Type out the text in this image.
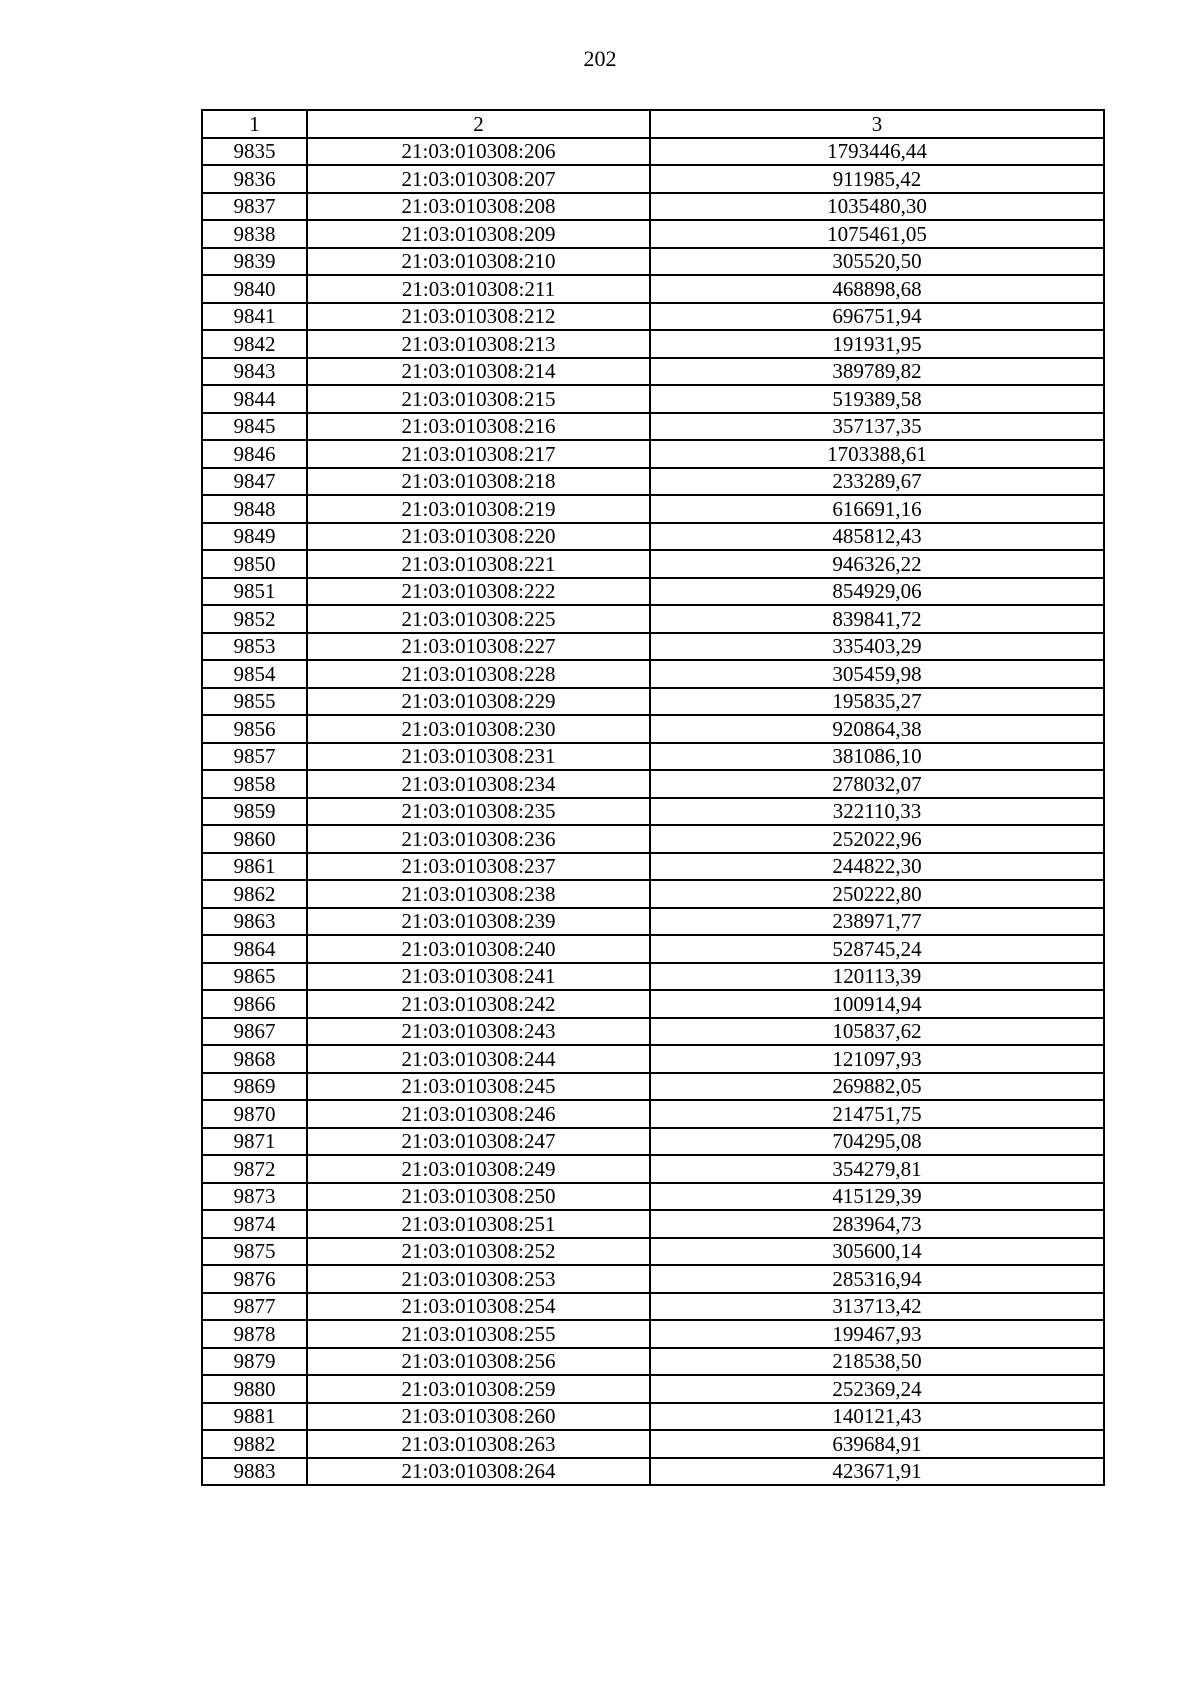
202
1	2	3
9835	21:03:010308:206	1793446,44
9836	21:03:010308:207	911985,42
9837	21:03:010308:208	1035480,30
9838	21:03:010308:209	1075461,05
9839	21:03:010308:210	305520,50
9840	21:03:010308:211	468898,68
9841	21:03:010308:212	696751,94
9842	21:03:010308:213	191931,95
9843	21:03:010308:214	389789,82
9844	21:03:010308:215	519389,58
9845	21:03:010308:216	357137,35
9846	21:03:010308:217	1703388,61
9847	21:03:010308:218	233289,67
9848	21:03:010308:219	616691,16
9849	21:03:010308:220	485812,43
9850	21:03:010308:221	946326,22
9851	21:03:010308:222	854929,06
9852	21:03:010308:225	839841,72
9853	21:03:010308:227	335403,29
9854	21:03:010308:228	305459,98
9855	21:03:010308:229	195835,27
9856	21:03:010308:230	920864,38
9857	21:03:010308:231	381086,10
9858	21:03:010308:234	278032,07
9859	21:03:010308:235	322110,33
9860	21:03:010308:236	252022,96
9861	21:03:010308:237	244822,30
9862	21:03:010308:238	250222,80
9863	21:03:010308:239	238971,77
9864	21:03:010308:240	528745,24
9865	21:03:010308:241	120113,39
9866	21:03:010308:242	100914,94
9867	21:03:010308:243	105837,62
9868	21:03:010308:244	121097,93
9869	21:03:010308:245	269882,05
9870	21:03:010308:246	214751,75
9871	21:03:010308:247	704295,08
9872	21:03:010308:249	354279,81
9873	21:03:010308:250	415129,39
9874	21:03:010308:251	283964,73
9875	21:03:010308:252	305600,14
9876	21:03:010308:253	285316,94
9877	21:03:010308:254	313713,42
9878	21:03:010308:255	199467,93
9879	21:03:010308:256	218538,50
9880	21:03:010308:259	252369,24
9881	21:03:010308:260	140121,43
9882	21:03:010308:263	639684,91
9883	21:03:010308:264	423671,91
